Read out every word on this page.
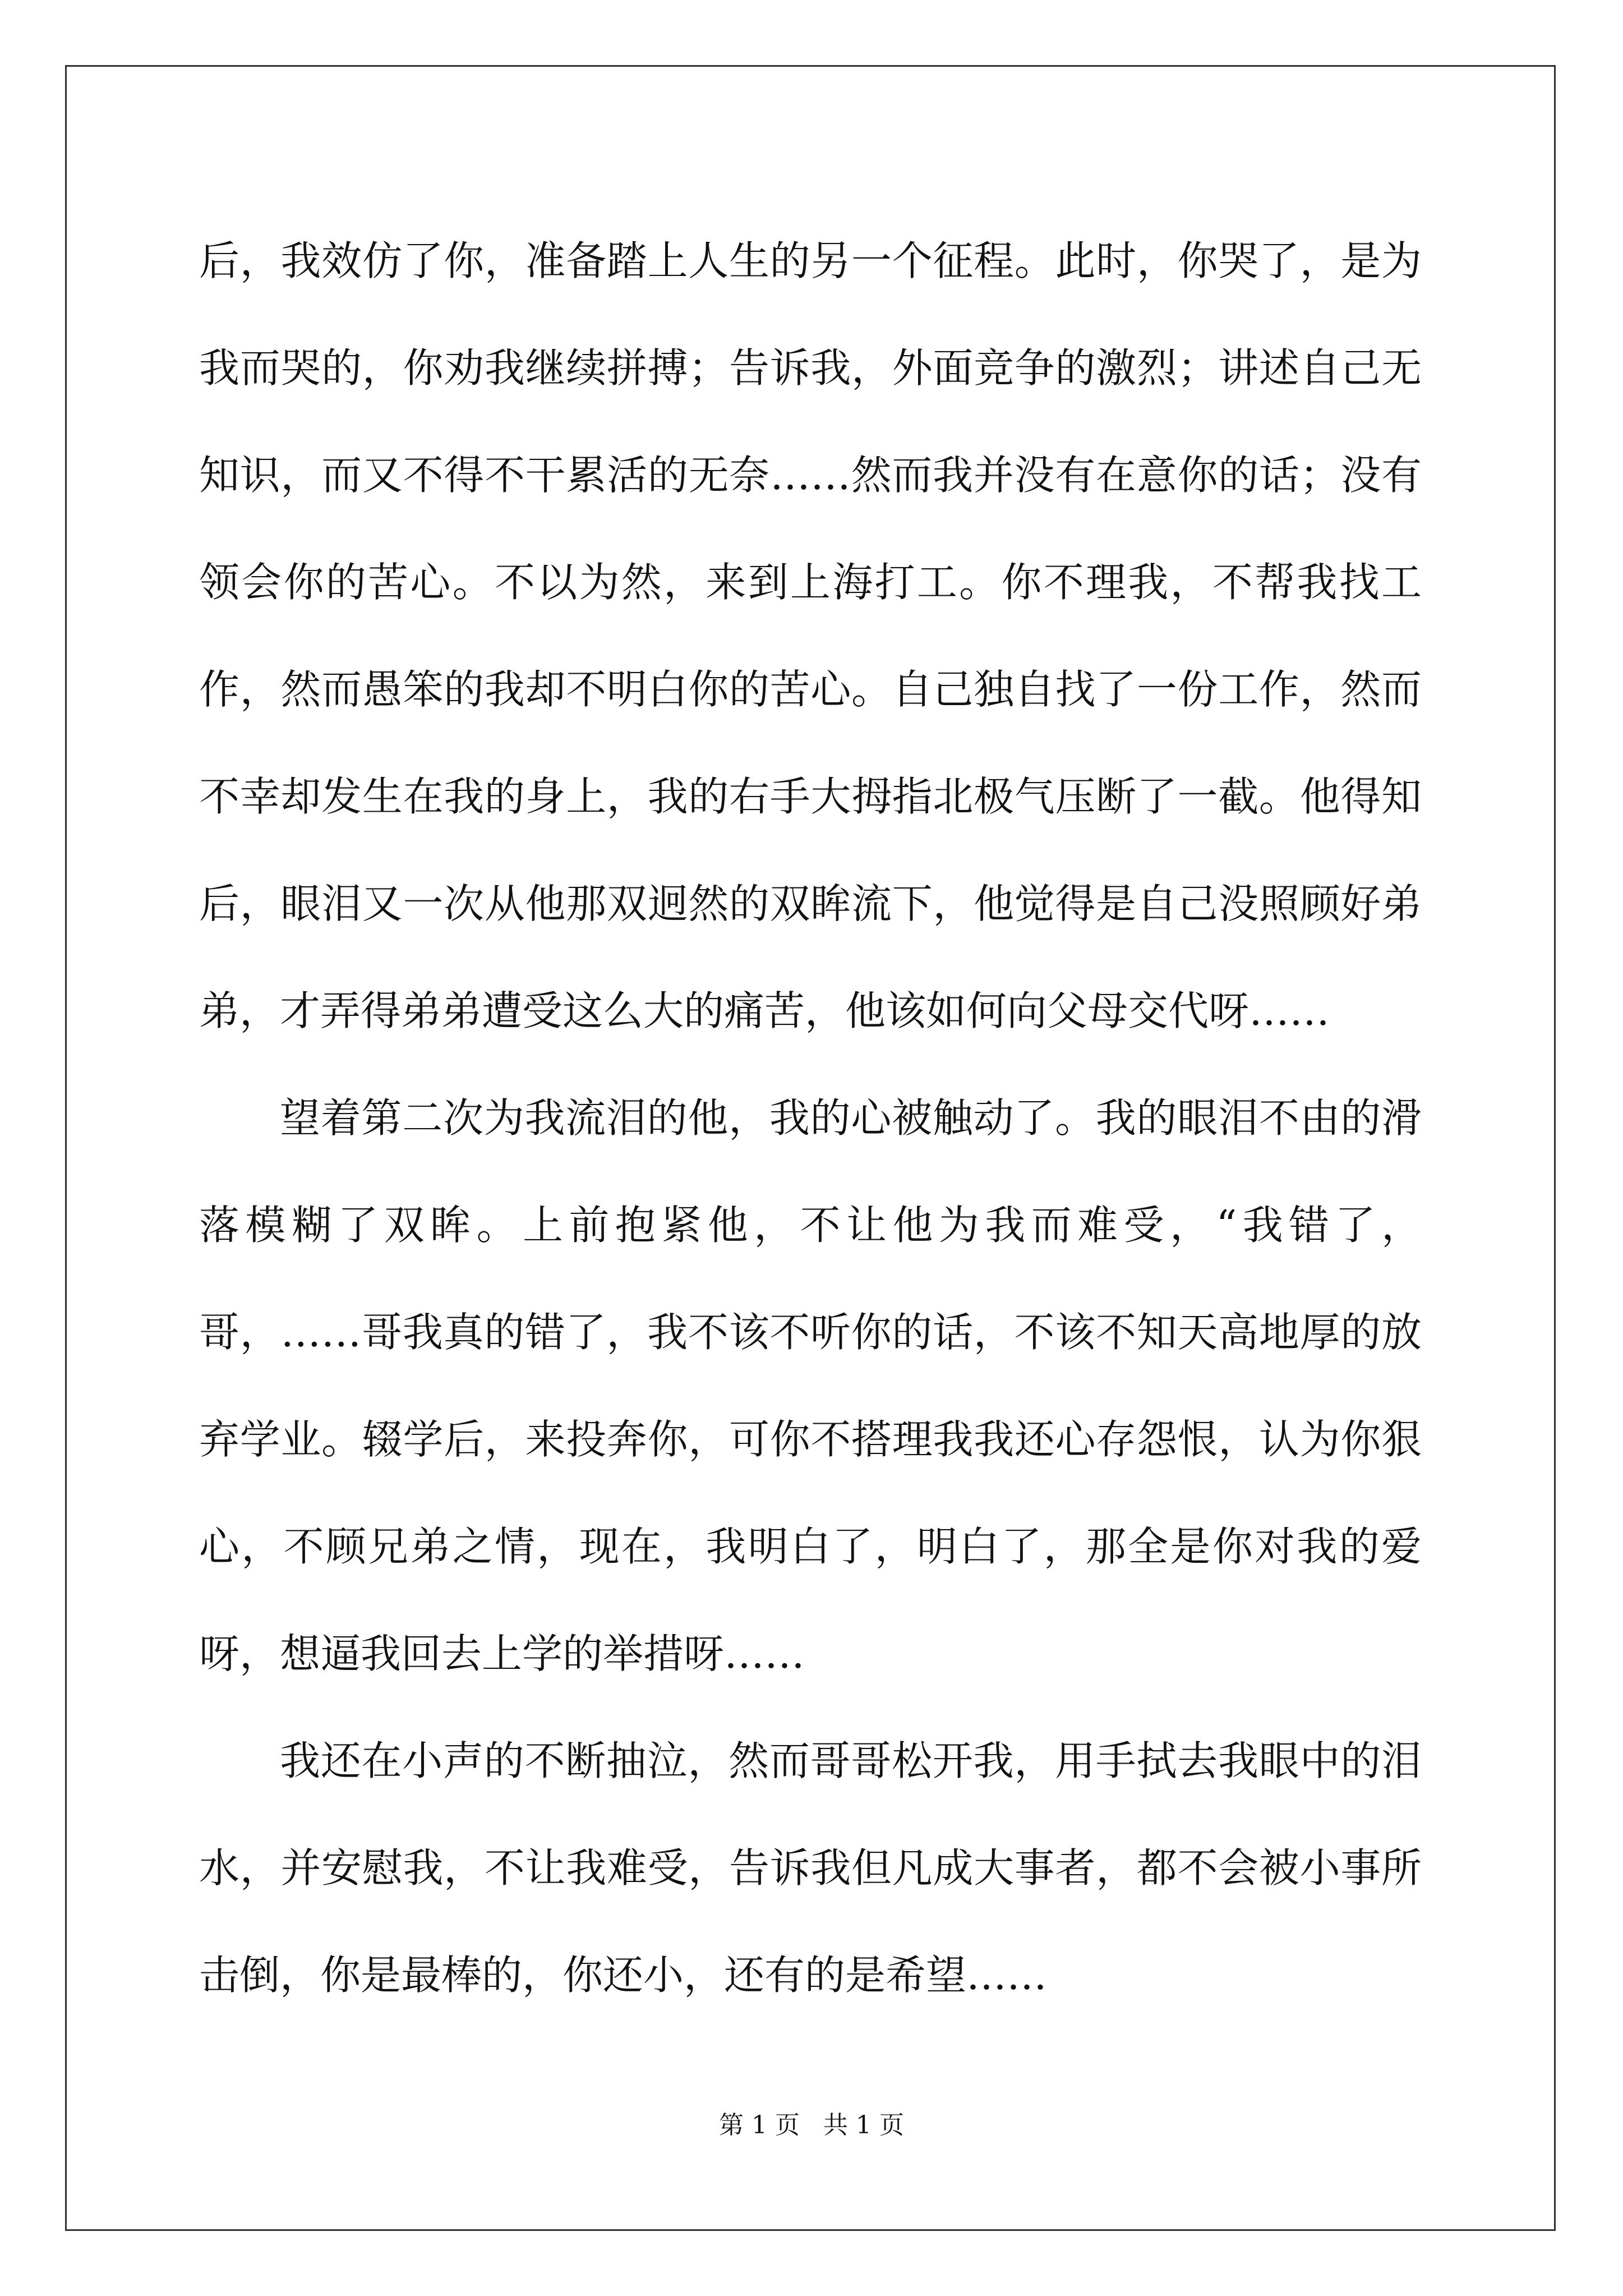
后，我效仿了你，准备踏上人生的另一个征程。此时，你哭了，是为我而哭的，你劝我继续拼搏；告诉我，外面竞争的激烈；讲述自己无知识，而又不得不干累活的无奈……然而我并没有在意你的话；没有领会你的苦心。不以为然，来到上海打工。你不理我，不帮我找工作，然而愚笨的我却不明白你的苦心。自己独自找了一份工作，然而不幸却发生在我的身上，我的右手大拇指北极气压断了一截。他得知后，眼泪又一次从他那双迥然的双眸流下，他觉得是自己没照顾好弟弟，才弄得弟弟遭受这么大的痛苦，他该如何向父母交代呀……

望着第二次为我流泪的他，我的心被触动了。我的眼泪不由的滑落模糊了双眸。上前抱紧他，不让他为我而难受，“我错了，哥，……哥我真的错了，我不该不听你的话，不该不知天高地厚的放弃学业。辍学后，来投奔你，可你不搭理我我还心存怨恨，认为你狠心，不顾兄弟之情，现在，我明白了，明白了，那全是你对我的爱呀，想逼我回去上学的举措呀……

我还在小声的不断抽泣，然而哥哥松开我，用手拭去我眼中的泪水，并安慰我，不让我难受，告诉我但凡成大事者，都不会被小事所击倒，你是最棒的，你还小，还有的是希望……

第 1 页 共 1 页
